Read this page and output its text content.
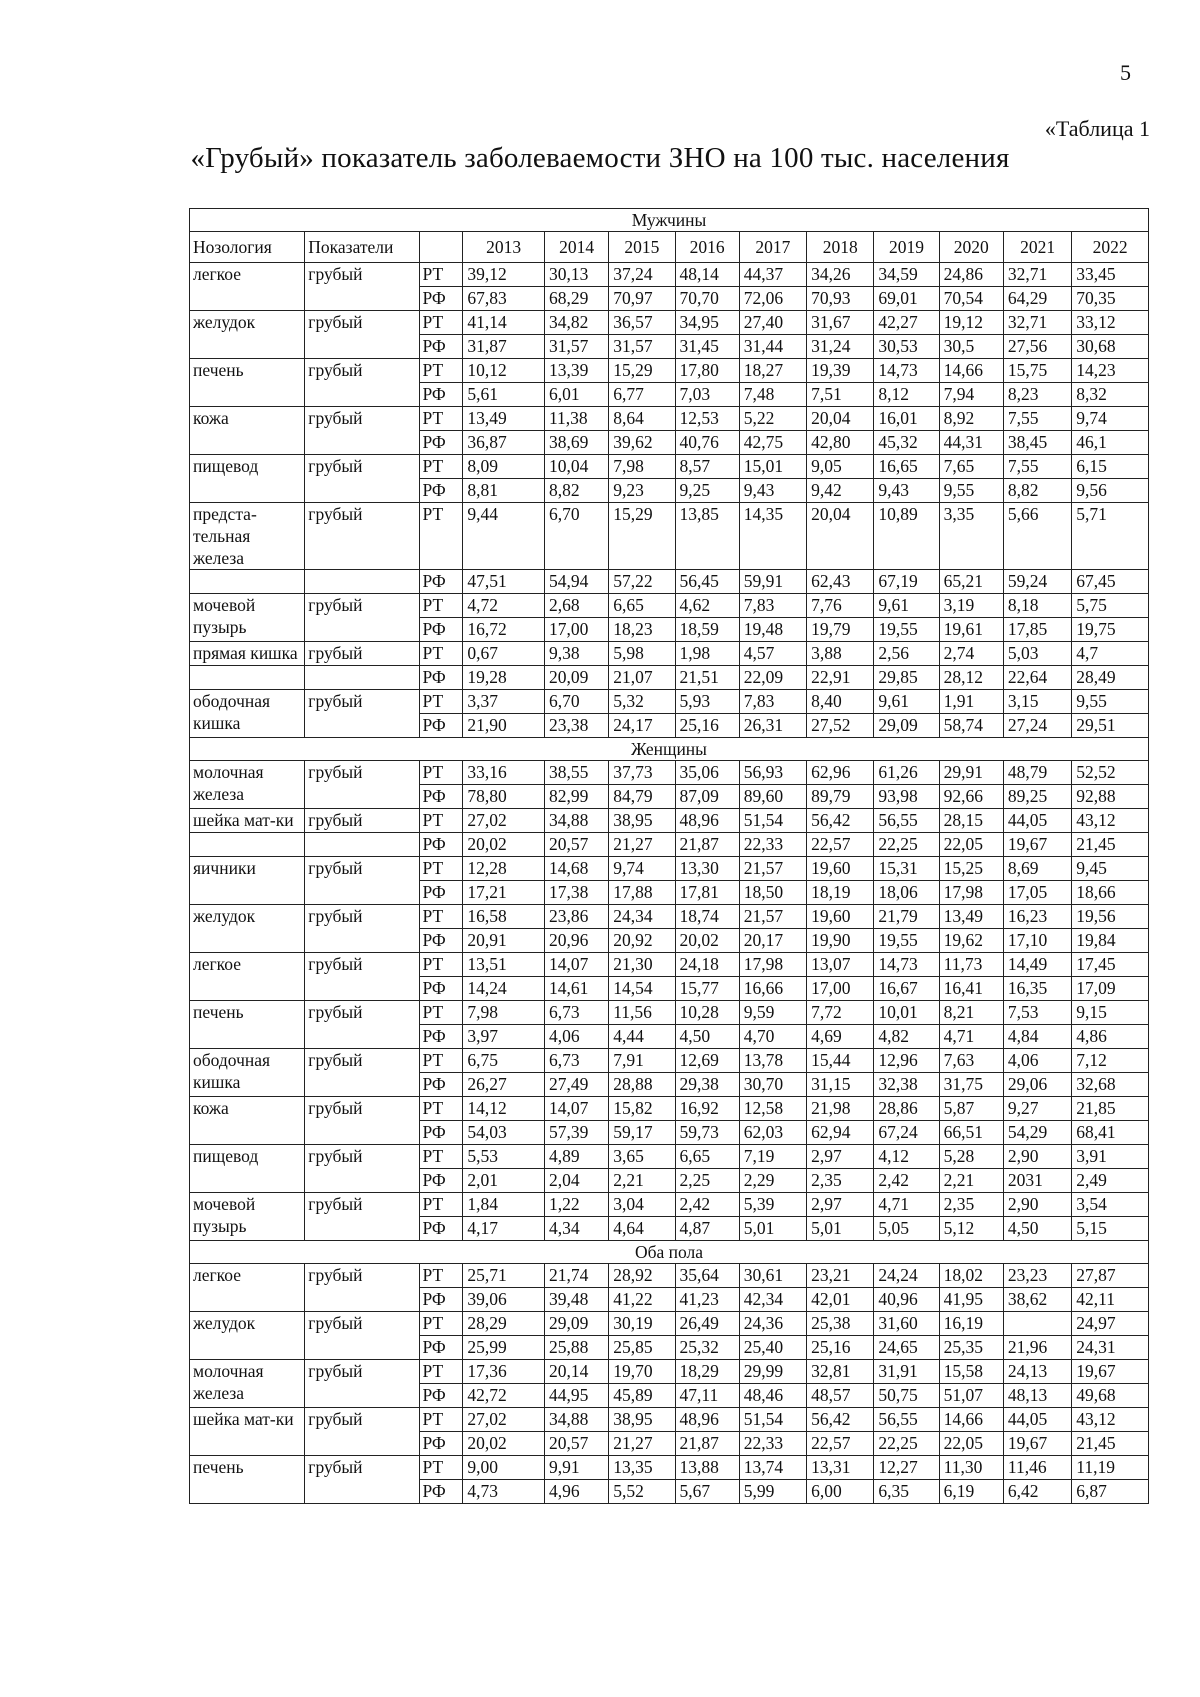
5
«Таблица 1
«Грубый» показатель заболеваемости ЗНО на 100 тыс. населения
Мужчины												
Нозология	Показатели		2013	2014	2015	2016	2017	2018	2019	2020	2021	2022
легкое	грубый	РТ	39,12	30,13	37,24	48,14	44,37	34,26	34,59	24,86	32,71	33,45
		РФ	67,83	68,29	70,97	70,70	72,06	70,93	69,01	70,54	64,29	70,35
желудок	грубый	РТ	41,14	34,82	36,57	34,95	27,40	31,67	42,27	19,12	32,71	33,12
		РФ	31,87	31,57	31,57	31,45	31,44	31,24	30,53	30,5	27,56	30,68
печень	грубый	РТ	10,12	13,39	15,29	17,80	18,27	19,39	14,73	14,66	15,75	14,23
		РФ	5,61	6,01	6,77	7,03	7,48	7,51	8,12	7,94	8,23	8,32
кожа	грубый	РТ	13,49	11,38	8,64	12,53	5,22	20,04	16,01	8,92	7,55	9,74
		РФ	36,87	38,69	39,62	40,76	42,75	42,80	45,32	44,31	38,45	46,1
пищевод	грубый	РТ	8,09	10,04	7,98	8,57	15,01	9,05	16,65	7,65	7,55	6,15
		РФ	8,81	8,82	9,23	9,25	9,43	9,42	9,43	9,55	8,82	9,56
предста-тельная железа	грубый	РТ	9,44	6,70	15,29	13,85	14,35	20,04	10,89	3,35	5,66	5,71
		РФ	47,51	54,94	57,22	56,45	59,91	62,43	67,19	65,21	59,24	67,45
мочевой пузырь	грубый	РТ	4,72	2,68	6,65	4,62	7,83	7,76	9,61	3,19	8,18	5,75
		РФ	16,72	17,00	18,23	18,59	19,48	19,79	19,55	19,61	17,85	19,75
прямая кишка	грубый	РТ	0,67	9,38	5,98	1,98	4,57	3,88	2,56	2,74	5,03	4,7
		РФ	19,28	20,09	21,07	21,51	22,09	22,91	29,85	28,12	22,64	28,49
ободочная кишка	грубый	РТ	3,37	6,70	5,32	5,93	7,83	8,40	9,61	1,91	3,15	9,55
		РФ	21,90	23,38	24,17	25,16	26,31	27,52	29,09	58,74	27,24	29,51
Женщины												
молочная железа	грубый	РТ	33,16	38,55	37,73	35,06	56,93	62,96	61,26	29,91	48,79	52,52
		РФ	78,80	82,99	84,79	87,09	89,60	89,79	93,98	92,66	89,25	92,88
шейка мат-ки	грубый	РТ	27,02	34,88	38,95	48,96	51,54	56,42	56,55	28,15	44,05	43,12
		РФ	20,02	20,57	21,27	21,87	22,33	22,57	22,25	22,05	19,67	21,45
яичники	грубый	РТ	12,28	14,68	9,74	13,30	21,57	19,60	15,31	15,25	8,69	9,45
		РФ	17,21	17,38	17,88	17,81	18,50	18,19	18,06	17,98	17,05	18,66
желудок	грубый	РТ	16,58	23,86	24,34	18,74	21,57	19,60	21,79	13,49	16,23	19,56
		РФ	20,91	20,96	20,92	20,02	20,17	19,90	19,55	19,62	17,10	19,84
легкое	грубый	РТ	13,51	14,07	21,30	24,18	17,98	13,07	14,73	11,73	14,49	17,45
		РФ	14,24	14,61	14,54	15,77	16,66	17,00	16,67	16,41	16,35	17,09
печень	грубый	РТ	7,98	6,73	11,56	10,28	9,59	7,72	10,01	8,21	7,53	9,15
		РФ	3,97	4,06	4,44	4,50	4,70	4,69	4,82	4,71	4,84	4,86
ободочная кишка	грубый	РТ	6,75	6,73	7,91	12,69	13,78	15,44	12,96	7,63	4,06	7,12
		РФ	26,27	27,49	28,88	29,38	30,70	31,15	32,38	31,75	29,06	32,68
кожа	грубый	РТ	14,12	14,07	15,82	16,92	12,58	21,98	28,86	5,87	9,27	21,85
		РФ	54,03	57,39	59,17	59,73	62,03	62,94	67,24	66,51	54,29	68,41
пищевод	грубый	РТ	5,53	4,89	3,65	6,65	7,19	2,97	4,12	5,28	2,90	3,91
		РФ	2,01	2,04	2,21	2,25	2,29	2,35	2,42	2,21	2031	2,49
мочевой пузырь	грубый	РТ	1,84	1,22	3,04	2,42	5,39	2,97	4,71	2,35	2,90	3,54
		РФ	4,17	4,34	4,64	4,87	5,01	5,01	5,05	5,12	4,50	5,15
Оба пола												
легкое	грубый	РТ	25,71	21,74	28,92	35,64	30,61	23,21	24,24	18,02	23,23	27,87
		РФ	39,06	39,48	41,22	41,23	42,34	42,01	40,96	41,95	38,62	42,11
желудок	грубый	РТ	28,29	29,09	30,19	26,49	24,36	25,38	31,60	16,19		24,97
		РФ	25,99	25,88	25,85	25,32	25,40	25,16	24,65	25,35	21,96	24,31
молочная железа	грубый	РТ	17,36	20,14	19,70	18,29	29,99	32,81	31,91	15,58	24,13	19,67
		РФ	42,72	44,95	45,89	47,11	48,46	48,57	50,75	51,07	48,13	49,68
шейка мат-ки	грубый	РТ	27,02	34,88	38,95	48,96	51,54	56,42	56,55	14,66	44,05	43,12
		РФ	20,02	20,57	21,27	21,87	22,33	22,57	22,25	22,05	19,67	21,45
печень	грубый	РТ	9,00	9,91	13,35	13,88	13,74	13,31	12,27	11,30	11,46	11,19
		РФ	4,73	4,96	5,52	5,67	5,99	6,00	6,35	6,19	6,42	6,87
